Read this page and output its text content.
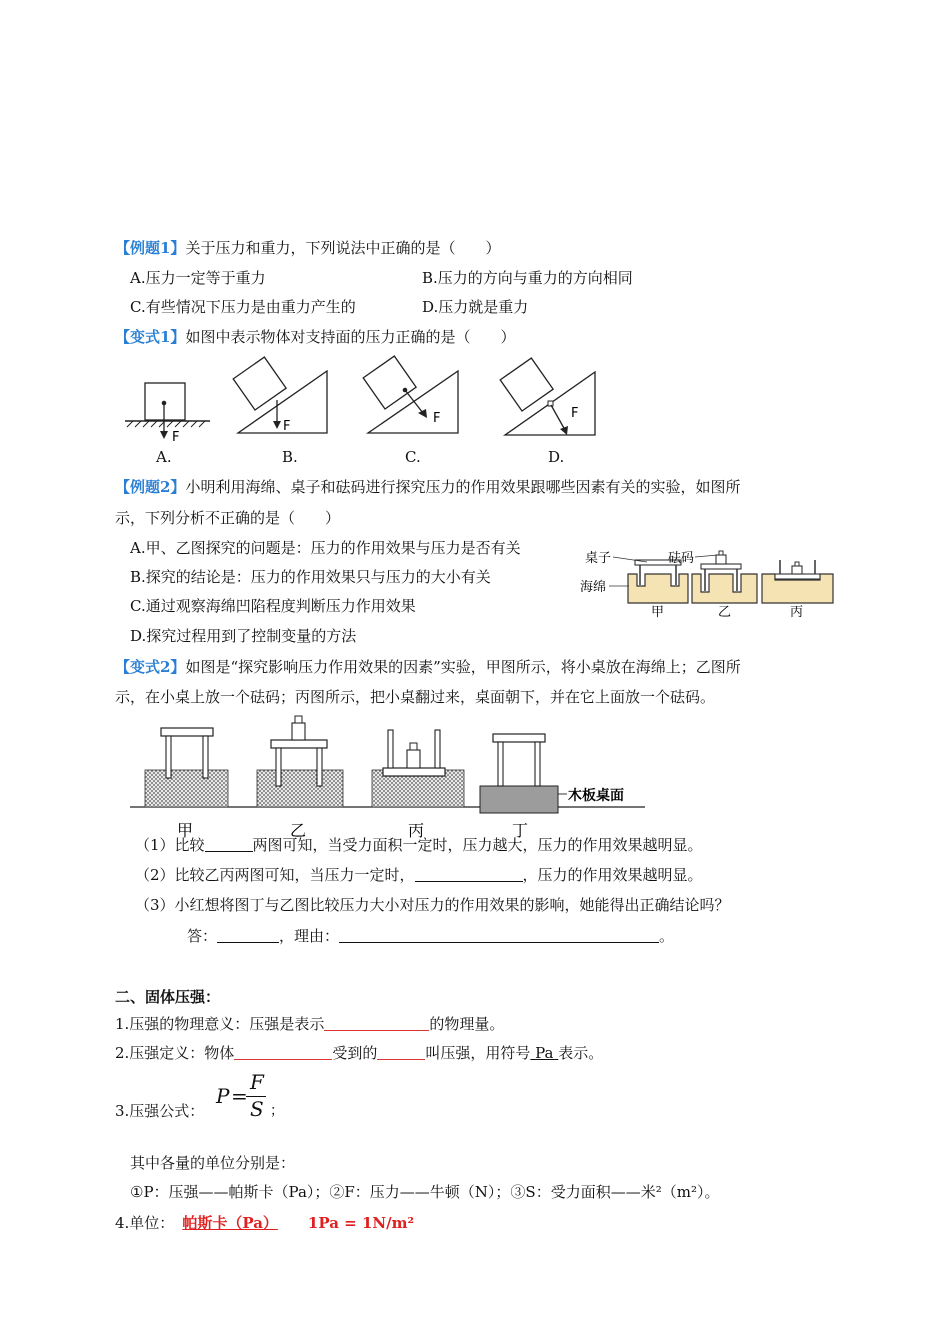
【例题1】关于压力和重力，下列说法中正确的是（　　）
A.压力一定等于重力	B.压力的方向与重力的方向相同
C.有些情况下压力是由重力产生的	D.压力就是重力
【变式1】如图中表示物体对支持面的压力正确的是（　　）
F
F
F	F
A.	B.	C.	D.
【例题2】小明利用海绵、桌子和砝码进行探究压力的作用效果跟哪些因素有关的实验，如图所
示，下列分析不正确的是（　　）
A.甲、乙图探究的问题是：压力的作用效果与压力是否有关
B.探究的结论是：压力的作用效果只与压力的大小有关
C.通过观察海绵凹陷程度判断压力作用效果
D.探究过程用到了控制变量的方法
桌子	砝码
海绵
甲	乙	丙
【变式2】如图是“探究影响压力作用效果的因素”实验，甲图所示，将小桌放在海绵上；乙图所
示，在小桌上放一个砝码；丙图所示，把小桌翻过来，桌面朝下，并在它上面放一个砝码。
木板桌面
甲	乙	丙	丁
（1）比较	两图可知，当受力面积一定时，压力越大，压力的作用效果越明显。
（2）比较乙丙两图可知，当压力一定时，	，压力的作用效果越明显。
（3）小红想将图丁与乙图比较压力大小对压力的作用效果的影响，她能得出正确结论吗？
答：	，理由：	。
二、固体压强：
1.压强的物理意义：压强是表示	的物理量。
2.压强定义：物体	受到的	叫压强，用符号 Pa 表示。
3.压强公式：
P =
F
S ；
其中各量的单位分别是：
①P：压强——帕斯卡（Pa）；②F：压力——牛顿（N）；③S：受力面积——米²（m²）。
4.单位： 帕斯卡（Pa） 1Pa = 1N/m²
